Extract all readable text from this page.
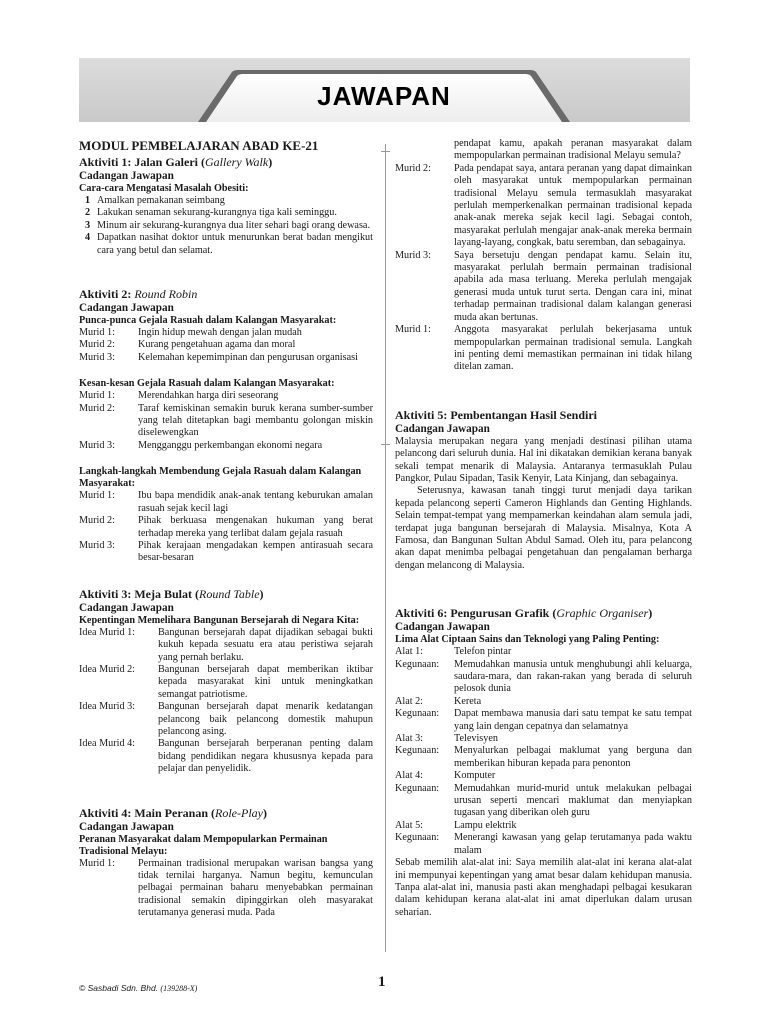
JAWAPAN
MODUL PEMBELAJARAN ABAD KE-21
Aktiviti 1: Jalan Galeri (Gallery Walk)
Cadangan Jawapan

Cara-cara Mengatasi Masalah Obesiti:

1 Amalkan pemakanan seimbang
2 Lakukan senaman sekurang-kurangnya tiga kali seminggu.
3 Minum air sekurang-kurangnya dua liter sehari bagi orang dewasa.
4 Dapatkan nasihat doktor untuk menurunkan berat badan mengikut cara yang betul dan selamat.
Aktiviti 2: Round Robin
Cadangan Jawapan

Punca-punca Gejala Rasuah dalam Kalangan Masyarakat:

Murid 1:	Ingin hidup mewah dengan jalan mudah
Murid 2:	Kurang pengetahuan agama dan moral
Murid 3:	Kelemahan kepemimpinan dan pengurusan organisasi

Kesan-kesan Gejala Rasuah dalam Kalangan Masyarakat:

Murid 1:	Merendahkan harga diri seseorang
Murid 2:	Taraf kemiskinan semakin buruk kerana sumber-sumber yang telah ditetapkan bagi membantu golongan miskin diselewengkan
Murid 3:	Mengganggu perkembangan ekonomi negara

Langkah-langkah Membendung Gejala Rasuah dalam Kalangan Masyarakat:

Murid 1:	Ibu bapa mendidik anak-anak tentang keburukan amalan rasuah sejak kecil lagi
Murid 2:	Pihak berkuasa mengenakan hukuman yang berat terhadap mereka yang terlibat dalam gejala rasuah
Murid 3:	Pihak kerajaan mengadakan kempen antirasuah secara besar-besaran
Aktiviti 3: Meja Bulat (Round Table)
Cadangan Jawapan

Kepentingan Memelihara Bangunan Bersejarah di Negara Kita:

Idea Murid 1:	Bangunan bersejarah dapat dijadikan sebagai bukti kukuh kepada sesuatu era atau peristiwa sejarah yang pernah berlaku.
Idea Murid 2:	Bangunan bersejarah dapat memberikan iktibar kepada masyarakat kini untuk meningkatkan semangat patriotisme.
Idea Murid 3:	Bangunan bersejarah dapat menarik kedatangan pelancong baik pelancong domestik mahupun pelancong asing.
Idea Murid 4:	Bangunan bersejarah berperanan penting dalam bidang pendidikan negara khususnya kepada para pelajar dan penyelidik.
Aktiviti 4: Main Peranan (Role-Play)
Cadangan Jawapan

Peranan Masyarakat dalam Mempopularkan Permainan Tradisional Melayu:

Murid 1:	Permainan tradisional merupakan warisan bangsa yang tidak ternilai harganya. Namun begitu, kemunculan pelbagai permainan baharu menyebabkan permainan tradisional semakin dipinggirkan oleh masyarakat terutamanya generasi muda. Pada
pendapat kamu, apakah peranan masyarakat dalam mempopularkan permainan tradisional Melayu semula?
Murid 2:	Pada pendapat saya, antara peranan yang dapat dimainkan oleh masyarakat untuk mempopularkan permainan tradisional Melayu semula termasuklah masyarakat perlulah memperkenalkan permainan tradisional kepada anak-anak mereka sejak kecil lagi. Sebagai contoh, masyarakat perlulah mengajar anak-anak mereka bermain layang-layang, congkak, batu seremban, dan sebagainya.
Murid 3:	Saya bersetuju dengan pendapat kamu. Selain itu, masyarakat perlulah bermain permainan tradisional apabila ada masa terluang. Mereka perlulah mengajak generasi muda untuk turut serta. Dengan cara ini, minat terhadap permainan tradisional dalam kalangan generasi muda akan bertunas.
Murid 1:	Anggota masyarakat perlulah bekerjasama untuk mempopularkan permainan tradisional semula. Langkah ini penting demi memastikan permainan ini tidak hilang ditelan zaman.
Aktiviti 5: Pembentangan Hasil Sendiri
Cadangan Jawapan

Malaysia merupakan negara yang menjadi destinasi pilihan utama pelancong dari seluruh dunia. Hal ini dikatakan demikian kerana banyak sekali tempat menarik di Malaysia. Antaranya termasuklah Pulau Pangkor, Pulau Sipadan, Tasik Kenyir, Lata Kinjang, dan sebagainya.

Seterusnya, kawasan tanah tinggi turut menjadi daya tarikan kepada pelancong seperti Cameron Highlands dan Genting Highlands. Selain tempat-tempat yang mempamerkan keindahan alam semula jadi, terdapat juga bangunan bersejarah di Malaysia. Misalnya, Kota A Famosa, dan Bangunan Sultan Abdul Samad. Oleh itu, para pelancong akan dapat menimba pelbagai pengetahuan dan pengalaman berharga dengan melancong di Malaysia.

Aktiviti 6: Pengurusan Grafik (Graphic Organiser)
Cadangan Jawapan

Lima Alat Ciptaan Sains dan Teknologi yang Paling Penting:

Alat 1:	Telefon pintar
Kegunaan:	Memudahkan manusia untuk menghubungi ahli keluarga, saudara-mara, dan rakan-rakan yang berada di seluruh pelosok dunia
Alat 2:	Kereta
Kegunaan:	Dapat membawa manusia dari satu tempat ke satu tempat yang lain dengan cepatnya dan selamatnya
Alat 3:	Televisyen
Kegunaan:	Menyalurkan pelbagai maklumat yang berguna dan memberikan hiburan kepada para penonton
Alat 4:	Komputer
Kegunaan:	Memudahkan murid-murid untuk melakukan pelbagai urusan seperti mencari maklumat dan menyiapkan tugasan yang diberikan oleh guru
Alat 5:	Lampu elektrik
Kegunaan:	Menerangi kawasan yang gelap terutamanya pada waktu malam

Sebab memilih alat-alat ini: Saya memilih alat-alat ini kerana alat-alat ini mempunyai kepentingan yang amat besar dalam kehidupan manusia. Tanpa alat-alat ini, manusia pasti akan menghadapi pelbagai kesukaran dalam kehidupan kerana alat-alat ini amat diperlukan dalam urusan seharian.

© Sasbadi Sdn. Bhd. (139288-X)	1
